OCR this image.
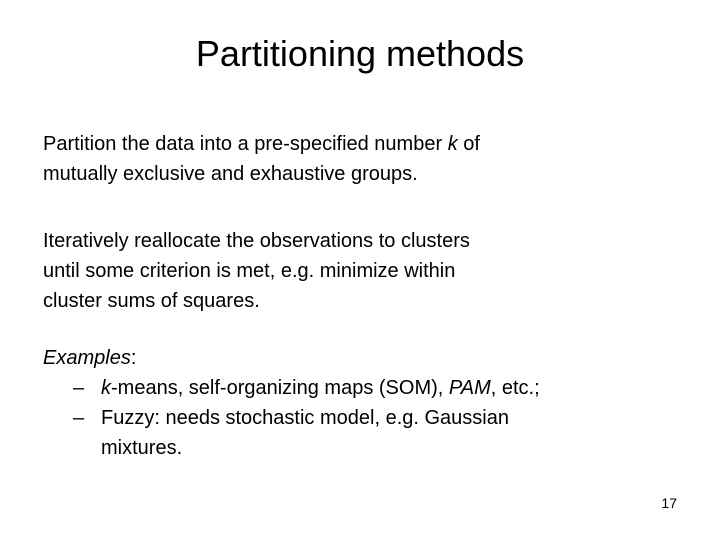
Partitioning methods
Partition the data into a pre-specified number k of
mutually exclusive and exhaustive groups.
Iteratively reallocate the observations to clusters
until some criterion is met, e.g. minimize within
cluster sums of squares.
Examples:
– k-means, self-organizing maps (SOM), PAM, etc.;
– Fuzzy: needs stochastic model, e.g. Gaussian
mixtures.
17
